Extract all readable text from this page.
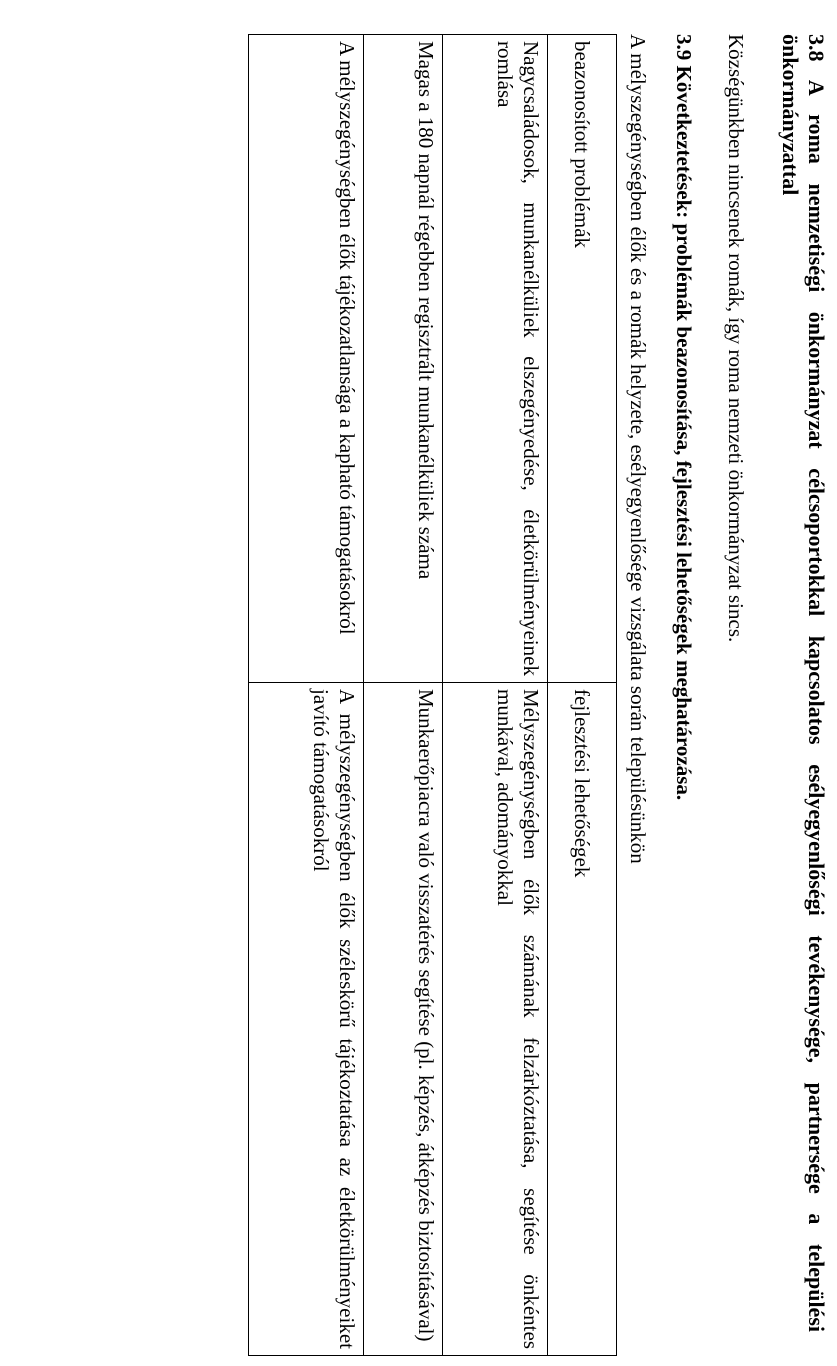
3.8 A roma nemzetiségi önkormányzat célcsoportokkal kapcsolatos esélyegyenlőségi tevékenysége, partnersége a települési önkormányzattal

Községünkben nincsenek romák, így roma nemzeti önkormányzat sincs.

3.9 Következtetések: problémák beazonosítása, fejlesztési lehetőségek meghatározása.

A mélyszegénységben élők és a romák helyzete, esélyegyenlősége vizsgálata során településünkön

beazonosított problémák	fejlesztési lehetőségek
Nagycsaládosok, munkanélküliek elszegényedése, életkörülményeinek romlása	Mélyszegénységben élők számának felzárkóztatása, segítése önkéntes munkával, adományokkal
Magas a 180 napnál régebben regisztrált munkanélküliek száma	Munkaerőpiacra való visszatérés segítése (pl. képzés, átképzés biztosításával)
A mélyszegénységben élők tájékozatlansága a kapható támogatásokról	A mélyszegénységben élők széleskörű tájékoztatása az életkörülményeiket javító támogatásokról
